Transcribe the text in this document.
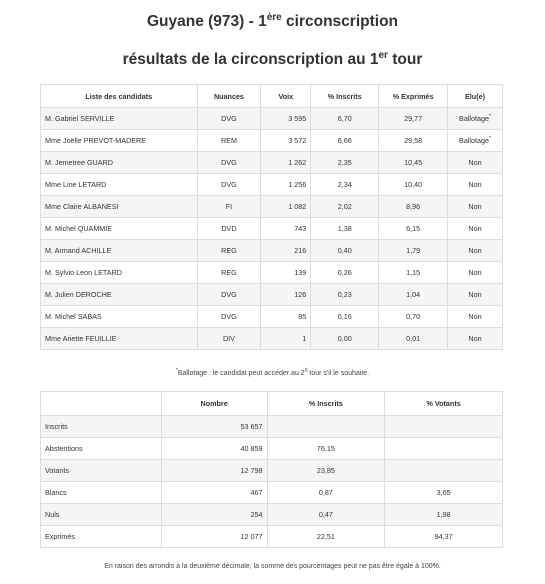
Guyane (973) - 1ère circonscription
résultats de la circonscription au 1er tour
Liste des candidats	Nuances	Voix	% Inscrits	% Exprimés	Elu(e)
M. Gabriel SERVILLE	DVG	3 595	6,70	29,77	Ballotage*
Mme Joëlle PREVOT-MADERE	REM	3 572	6,66	29,58	Ballotage*
M. Jemetree GUARD	DVG	1 262	2,35	10,45	Non
Mme Line LETARD	DVG	1 256	2,34	10,40	Non
Mme Claire ALBANESI	FI	1 082	2,02	8,96	Non
M. Michel QUAMMIE	DVD	743	1,38	6,15	Non
M. Armand ACHILLE	REG	216	0,40	1,79	Non
M. Sylvio Leon LETARD	REG	139	0,26	1,15	Non
M. Julien DEROCHE	DVG	126	0,23	1,04	Non
M. Michel SABAS	DVG	85	0,16	0,70	Non
Mme Ariette FEUILLIE	DIV	1	0,00	0,01	Non
*Ballotage : le candidat peut accéder au 2$^d$ tour s'il le souhaite.
	Nombre	% Inscrits	% Votants
Inscrits	53 657		
Abstentions	40 859	76,15	
Votants	12 798	23,85	
Blancs	467	0,87	3,65
Nuls	254	0,47	1,98
Exprimés	12 077	22,51	94,37
En raison des arrondis à la deuxième décimale, la somme des pourcentages peut ne pas être égale à 100%.
